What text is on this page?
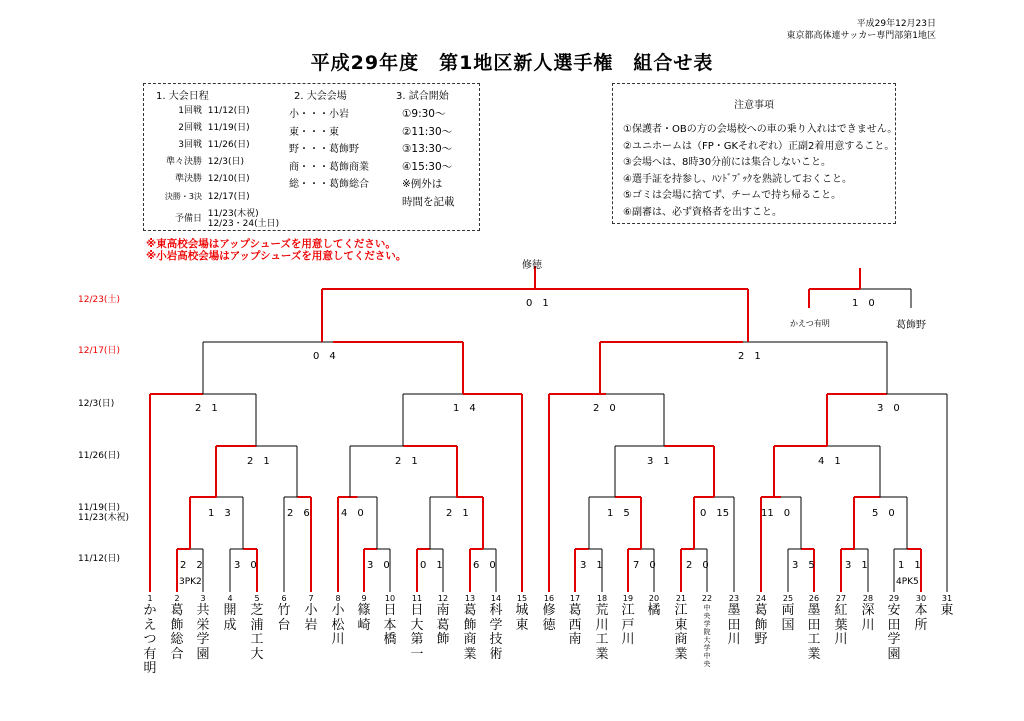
平成29年12月23日
東京都高体連サッカー専門部第1地区
平成29年度　第1地区新人選手権　組合せ表
1. 大会日程
1回戦 11/12(日)
2回戦 11/19(日)
3回戦 11/26(日)
準々決勝 12/3(日)
準決勝 12/10(日)
決勝・3決 12/17(日)
予備日 11/23(木祝)
12/23・24(土日)
2. 大会会場
小・・・小岩
東・・・東
野・・・葛飾野
商・・・葛飾商業
総・・・葛飾総合
3. 試合開始
①9:30～
②11:30～
③13:30～
④15:30～
※例外は
時間を記載
注意事項
①保護者・OBの方の会場校への車の乗り入れはできません。
②ユニホームは（FP・GKそれぞれ）正副2着用意すること。
③会場へは、8時30分前には集合しないこと。
④選手証を持参し、ﾊﾝﾄﾞﾌﾞｯｸを熟読しておくこと。
⑤ゴミは会場に捨てず、チームで持ち帰ること。
⑥副審は、必ず資格者を出すこと。
※東高校会場はアップシューズを用意してください。
※小岩高校会場はアップシューズを用意してください。
12/23(土)
12/17(日)
12/3(日)
11/26(日)
11/19(日)
11/23(木祝)
11/12(日)
修徳
1　0
かえつ有明	葛飾野
0　1
0　4	2　1
2　1	1　4	2　0	3　0
2　1	2　1	3　1	4　1
1　3	2　6	4　0	2　1	1　5	0　15	11　0	5　0
2　2	3　0	3　0	0　1	6　0	3　1	7　0	2　0	3　5	3　1	1　1
3PK2	4PK5
1
かえつ有明
2
葛飾総合
3
共栄学園
4
開成
5
芝浦工大
6
竹台
7
小岩
8
小松川
9
篠崎
10
日本橋
11
日大第一
12
南葛飾
13
葛飾商業
14
科学技術
15
城東
16
修徳
17
葛西南
18
荒川工業
19
江戸川
20
橘
21
江東商業
22
中央学院大学中央
23
墨田川
24
葛飾野
25
両国
26
墨田工業
27
紅葉川
28
深川
29
安田学園
30
本所
31
東
